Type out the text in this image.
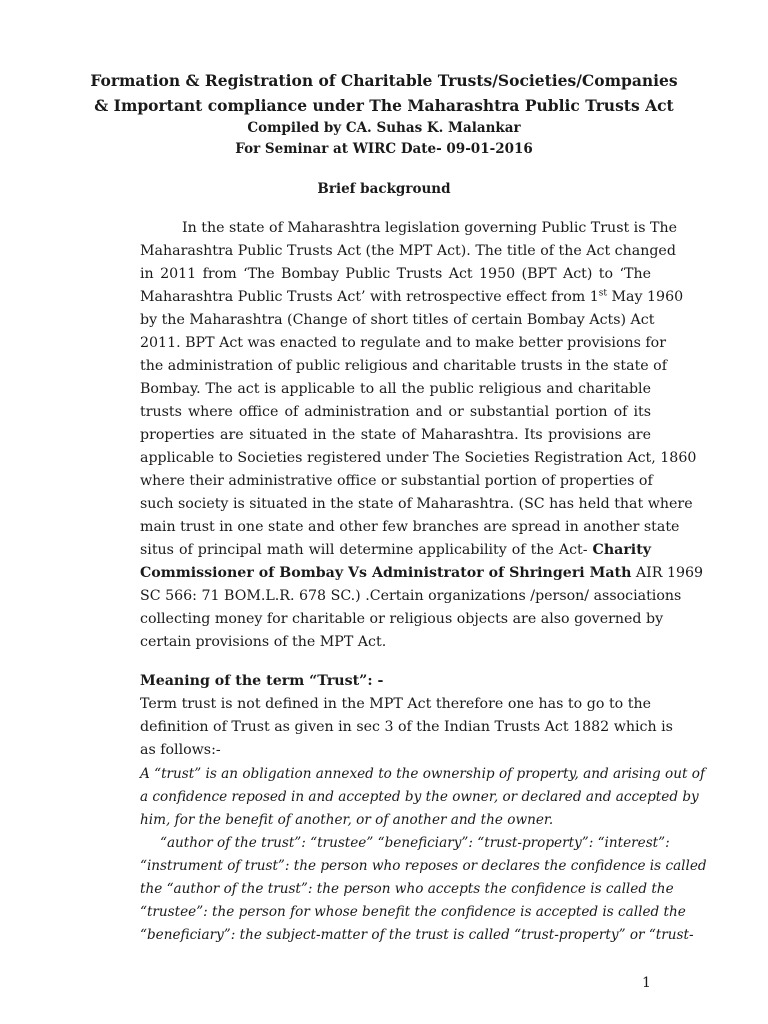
Formation & Registration of Charitable Trusts/Societies/Companies
& Important compliance under The Maharashtra Public Trusts Act
Compiled by CA. Suhas K. Malankar
For Seminar at WIRC Date- 09-01-2016
Brief background
In the state of Maharashtra legislation governing Public Trust is The
Maharashtra Public Trusts Act (the MPT Act). The title of the Act changed
in 2011 from ‘The Bombay Public Trusts Act 1950 (BPT Act) to ‘The
Maharashtra Public Trusts Act’ with retrospective effect from 1st May 1960
by the Maharashtra (Change of short titles of certain Bombay Acts) Act
2011. BPT Act was enacted to regulate and to make better provisions for
the administration of public religious and charitable trusts in the state of
Bombay. The act is applicable to all the public religious and charitable
trusts where office of administration and or substantial portion of its
properties are situated in the state of Maharashtra. Its provisions are
applicable to Societies registered under The Societies Registration Act, 1860
where their administrative office or substantial portion of properties of
such society is situated in the state of Maharashtra. (SC has held that where
main trust in one state and other few branches are spread in another state
situs of principal math will determine applicability of the Act- Charity
Commissioner of Bombay Vs Administrator of Shringeri Math AIR 1969
SC 566: 71 BOM.L.R. 678 SC.) .Certain organizations /person/ associations
collecting money for charitable or religious objects are also governed by
certain provisions of the MPT Act.
Meaning of the term “Trust”: -
Term trust is not defined in the MPT Act therefore one has to go to the
definition of Trust as given in sec 3 of the Indian Trusts Act 1882 which is
as follows:-
A “trust” is an obligation annexed to the ownership of property, and arising out of
a confidence reposed in and accepted by the owner, or declared and accepted by
him, for the benefit of another, or of another and the owner.
“author of the trust”: “trustee” “beneficiary”: “trust-property”: “interest”:
“instrument of trust”: the person who reposes or declares the confidence is called
the “author of the trust”: the person who accepts the confidence is called the
“trustee”: the person for whose benefit the confidence is accepted is called the
“beneficiary”: the subject-matter of the trust is called “trust-property” or “trust-
1
